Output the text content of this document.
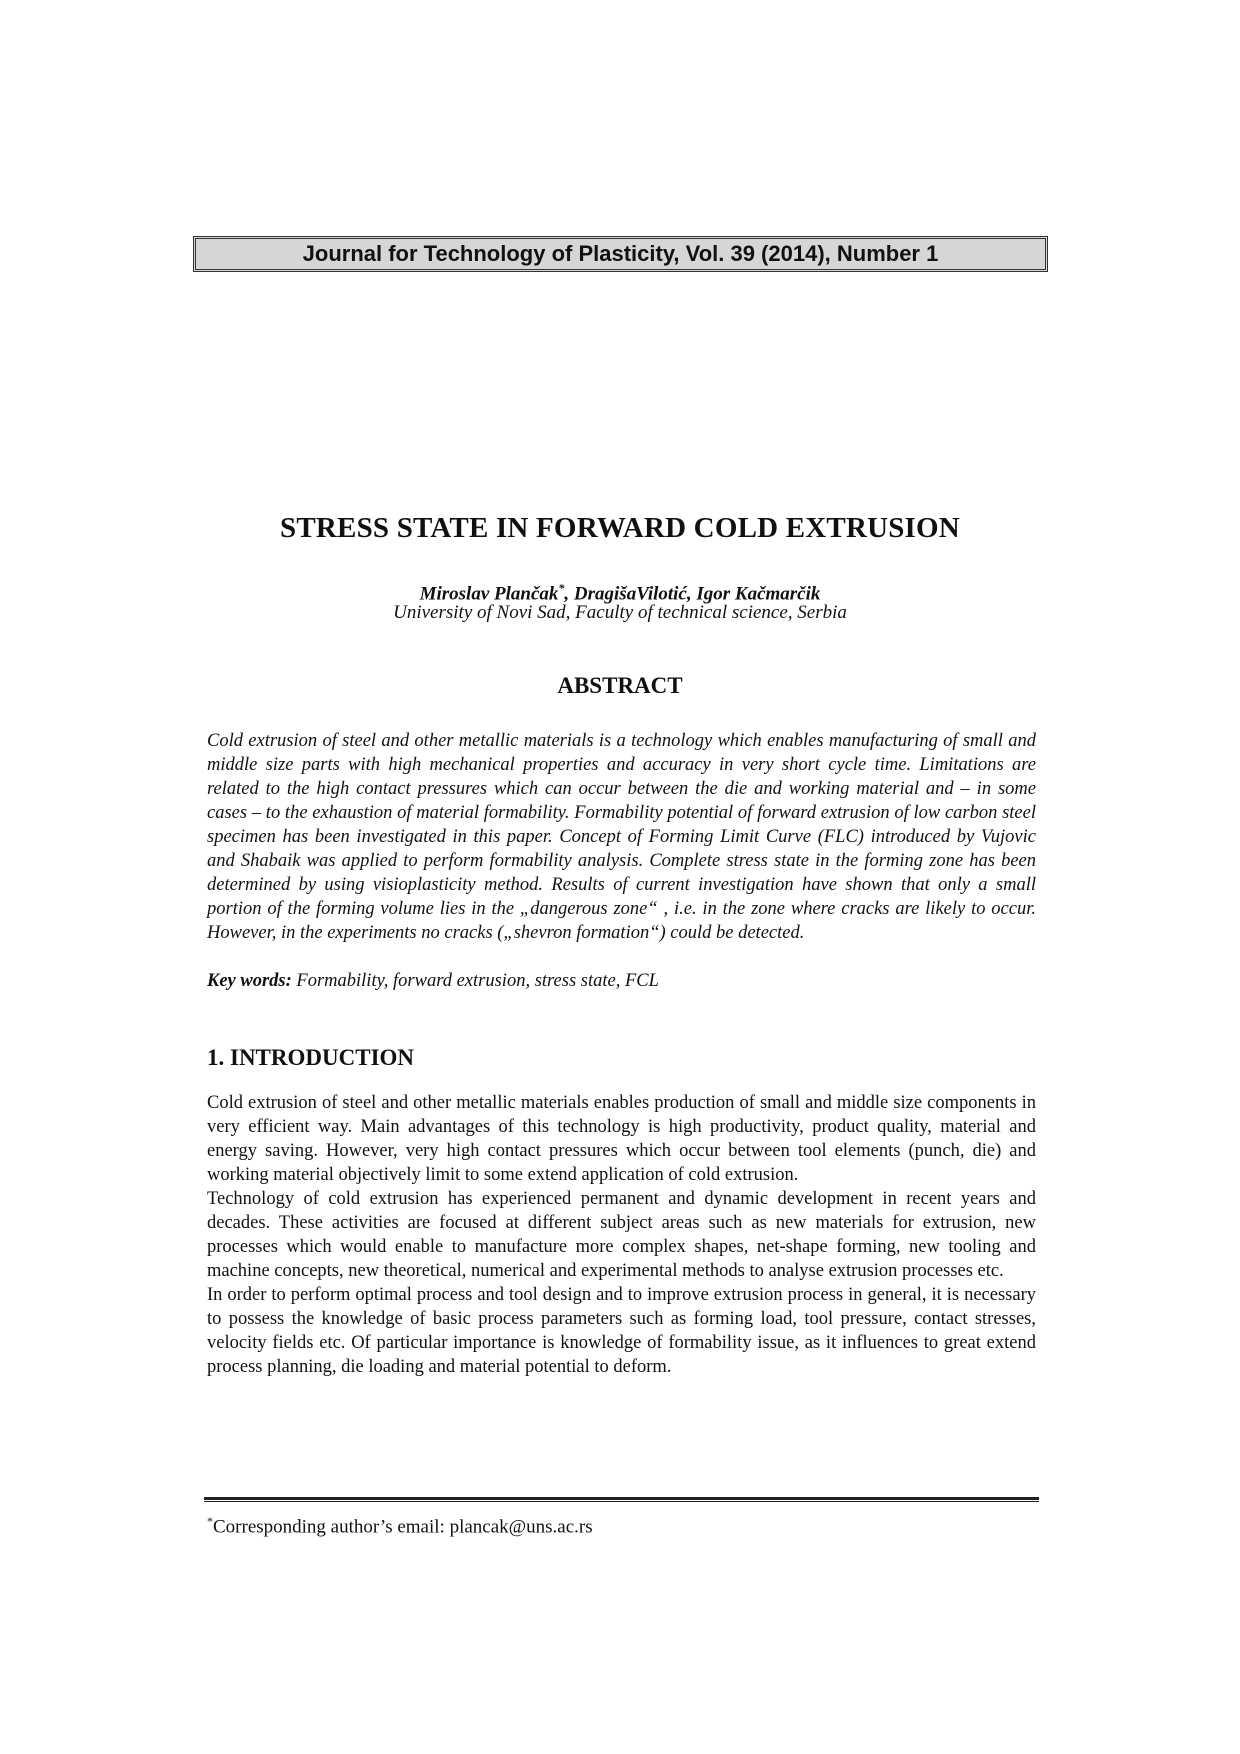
Journal for Technology of Plasticity, Vol. 39 (2014), Number 1
STRESS STATE IN FORWARD COLD EXTRUSION
Miroslav Plančak*, DragišaVilotić, Igor Kačmarčik
University of Novi Sad, Faculty of technical science, Serbia
ABSTRACT

Cold extrusion of steel and other metallic materials is a technology which enables manufacturing of small and middle size parts with high mechanical properties and accuracy in very short cycle time. Limitations are related to the high contact pressures which can occur between the die and working material and – in some cases – to the exhaustion of material formability. Formability potential of forward extrusion of low carbon steel specimen has been investigated in this paper. Concept of Forming Limit Curve (FLC) introduced by Vujovic and Shabaik was applied to perform formability analysis. Complete stress state in the forming zone has been determined by using visioplasticity method. Results of current investigation have shown that only a small portion of the forming volume lies in the „dangerous zone“ , i.e. in the zone where cracks are likely to occur. However, in the experiments no cracks („shevron formation“) could be detected.

Key words: Formability, forward extrusion, stress state, FCL

1. INTRODUCTION

Cold extrusion of steel and other metallic materials enables production of small and middle size components in very efficient way. Main advantages of this technology is high productivity, product quality, material and energy saving. However, very high contact pressures which occur between tool elements (punch, die) and working material objectively limit to some extend application of cold extrusion.

Technology of cold extrusion has experienced permanent and dynamic development in recent years and decades. These activities are focused at different subject areas such as new materials for extrusion, new processes which would enable to manufacture more complex shapes, net-shape forming, new tooling and machine concepts, new theoretical, numerical and experimental methods to analyse extrusion processes etc.

In order to perform optimal process and tool design and to improve extrusion process in general, it is necessary to possess the knowledge of basic process parameters such as forming load, tool pressure, contact stresses, velocity fields etc. Of particular importance is knowledge of formability issue, as it influences to great extend process planning, die loading and material potential to deform.

*Corresponding author’s email: plancak@uns.ac.rs
